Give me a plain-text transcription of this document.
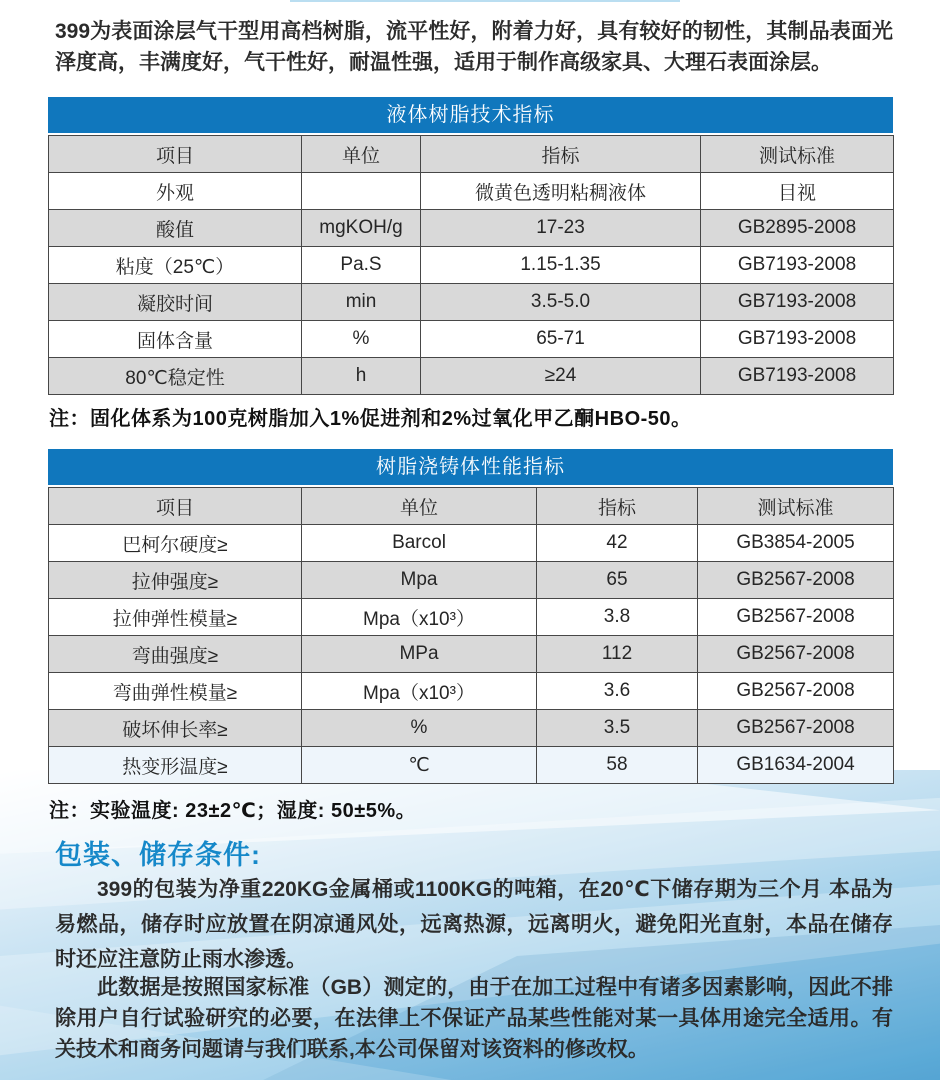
399为表面涂层气干型用高档树脂，流平性好，附着力好，具有较好的韧性，其制品表面光泽度高，丰满度好，气干性好，耐温性强，适用于制作高级家具、大理石表面涂层。

液体树脂技术指标
项目	单位	指标	测试标准
外观		微黄色透明粘稠液体	目视
酸值	mgKOH/g	17-23	GB2895-2008
粘度（25℃）	Pa.S	1.15-1.35	GB7193-2008
凝胶时间	min	3.5-5.0	GB7193-2008
固体含量	%	65-71	GB7193-2008
80℃稳定性	h	≥24	GB7193-2008
注：固化体系为100克树脂加入1%促进剂和2%过氧化甲乙酮HBO-50。
树脂浇铸体性能指标
项目	单位	指标	测试标准
巴柯尔硬度≥	Barcol	42	GB3854-2005
拉伸强度≥	Mpa	65	GB2567-2008
拉伸弹性模量≥	Mpa（x10³）	3.8	GB2567-2008
弯曲强度≥	MPa	112	GB2567-2008
弯曲弹性模量≥	Mpa（x10³）	3.6	GB2567-2008
破坏伸长率≥	%	3.5	GB2567-2008
热变形温度≥	℃	58	GB1634-2004
注：实验温度: 23±2℃；湿度: 50±5%。
包装、储存条件:

399的包装为净重220KG金属桶或1100KG的吨箱，在20℃下储存期为三个月 本品为易燃品，储存时应放置在阴凉通风处，远离热源，远离明火，避免阳光直射，本品在储存时还应注意防止雨水渗透。

此数据是按照国家标准（GB）测定的，由于在加工过程中有诸多因素影响，因此不排除用户自行试验研究的必要，在法律上不保证产品某些性能对某一具体用途完全适用。有关技术和商务问题请与我们联系,本公司保留对该资料的修改权。
